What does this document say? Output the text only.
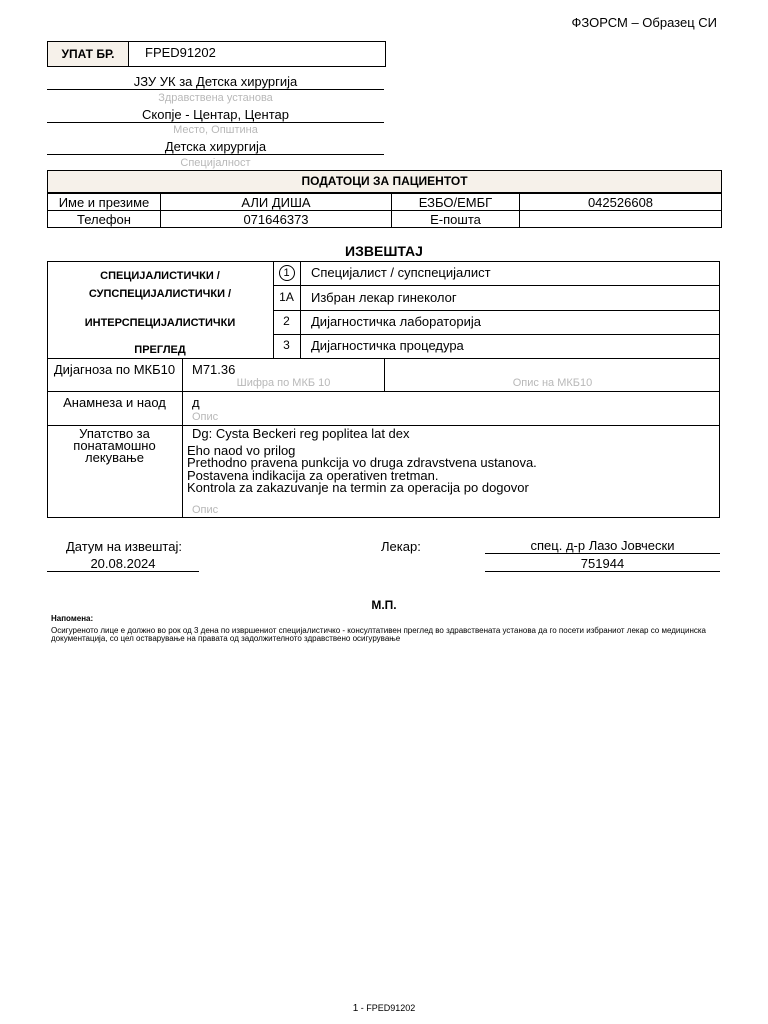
ФЗОРСМ – Образец СИ
УПАТ БР.	FPED91202
ЈЗУ УК за Детска хирургија
Здравствена установа
Скопје - Центар, Центар
Место, Општина
Детска хирургија
Специјалност
ПОДАТОЦИ ЗА ПАЦИЕНТОТ
Име и презиме	АЛИ ДИША	ЕЗБО/ЕМБГ	042526608
Телефон	071646373	Е-пошта	
ИЗВЕШТАЈ
СПЕЦИЈАЛИСТИЧКИ /
СУПСПЕЦИЈАЛИСТИЧКИ /
ИНТЕРСПЕЦИЈАЛИСТИЧКИ
ПРЕГЛЕД
1	Специјалист / супспецијалист
1А	Избран лекар гинеколог
2	Дијагностичка лабораторија
3	Дијагностичка процедура
Дијагноза по МКБ10	M71.36
Шифра по МКБ 10	Опис на МКБ10
Анамнеза и наод	д
Опис
Упатство за
понатамошно
лекување
Dg: Cysta Beckeri reg poplitea lat dex
Eho naod vo prilog
Prethodno pravena punkcija vo druga zdravstvena ustanova.
Postavena indikacija za operativen tretman.
Kontrola za zakazuvanje na termin za operacija po dogovor
Опис
Датум на извештај:
20.08.2024
Лекар:	спец. д-р Лазо Јовчески
751944
М.П.
Напомена:
Осигуреното лице е должно во рок од 3 дена по извршениот специјалистичко - консултативен преглед во здравствената установа да го посети избраниот лекар со медицинска документација, со цел остварување на правата од задолжителното здравствено осигурување
1 - FPED91202
